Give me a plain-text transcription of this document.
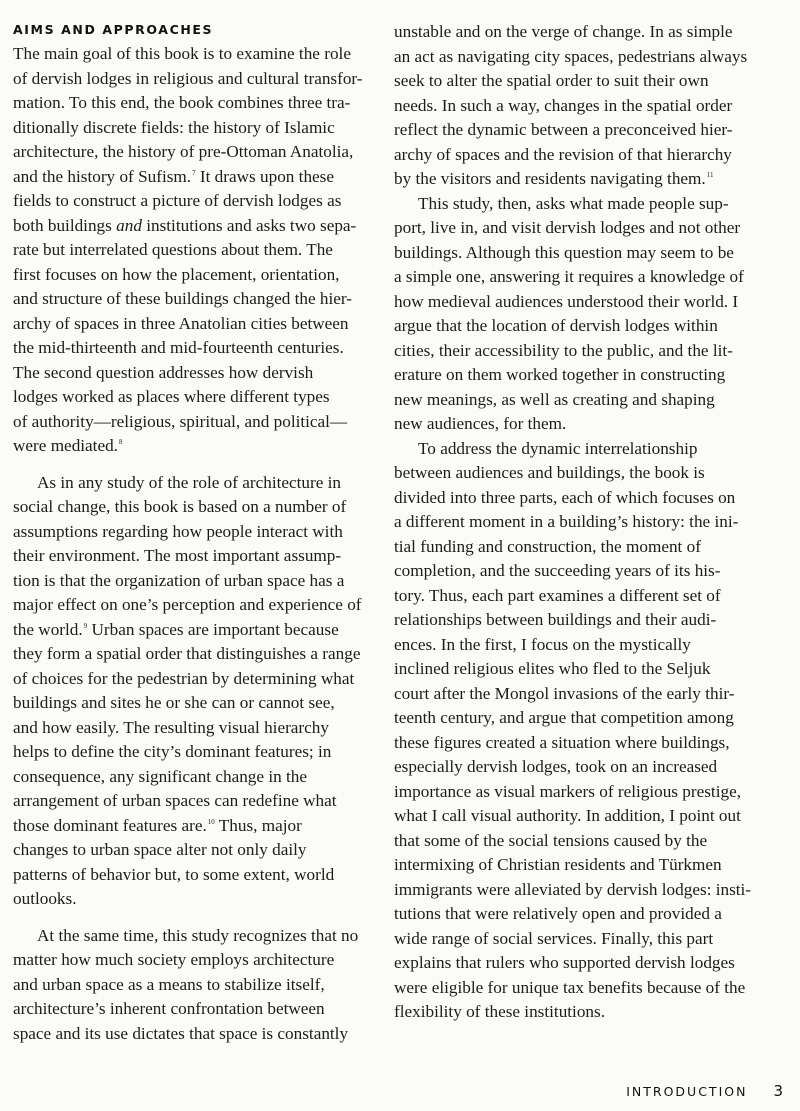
AIMS AND APPROACHES
The main goal of this book is to examine the role
of dervish lodges in religious and cultural transfor-
mation. To this end, the book combines three tra-
ditionally discrete fields: the history of Islamic
architecture, the history of pre-Ottoman Anatolia,
and the history of Sufism.$^7$ It draws upon these
fields to construct a picture of dervish lodges as
both buildings and institutions and asks two sepa-
rate but interrelated questions about them. The
first focuses on how the placement, orientation,
and structure of these buildings changed the hier-
archy of spaces in three Anatolian cities between
the mid-thirteenth and mid-fourteenth centuries.
The second question addresses how dervish
lodges worked as places where different types
of authority—religious, spiritual, and political—
were mediated.$^8$
As in any study of the role of architecture in
social change, this book is based on a number of
assumptions regarding how people interact with
their environment. The most important assump-
tion is that the organization of urban space has a
major effect on one’s perception and experience of
the world.$^9$ Urban spaces are important because
they form a spatial order that distinguishes a range
of choices for the pedestrian by determining what
buildings and sites he or she can or cannot see,
and how easily. The resulting visual hierarchy
helps to define the city’s dominant features; in
consequence, any significant change in the
arrangement of urban spaces can redefine what
those dominant features are.$^{10}$ Thus, major
changes to urban space alter not only daily
patterns of behavior but, to some extent, world
outlooks.
At the same time, this study recognizes that no
matter how much society employs architecture
and urban space as a means to stabilize itself,
architecture’s inherent confrontation between
space and its use dictates that space is constantly
unstable and on the verge of change. In as simple
an act as navigating city spaces, pedestrians always
seek to alter the spatial order to suit their own
needs. In such a way, changes in the spatial order
reflect the dynamic between a preconceived hier-
archy of spaces and the revision of that hierarchy
by the visitors and residents navigating them.$^{11}$
This study, then, asks what made people sup-
port, live in, and visit dervish lodges and not other
buildings. Although this question may seem to be
a simple one, answering it requires a knowledge of
how medieval audiences understood their world. I
argue that the location of dervish lodges within
cities, their accessibility to the public, and the lit-
erature on them worked together in constructing
new meanings, as well as creating and shaping
new audiences, for them.
To address the dynamic interrelationship
between audiences and buildings, the book is
divided into three parts, each of which focuses on
a different moment in a building’s history: the ini-
tial funding and construction, the moment of
completion, and the succeeding years of its his-
tory. Thus, each part examines a different set of
relationships between buildings and their audi-
ences. In the first, I focus on the mystically
inclined religious elites who fled to the Seljuk
court after the Mongol invasions of the early thir-
teenth century, and argue that competition among
these figures created a situation where buildings,
especially dervish lodges, took on an increased
importance as visual markers of religious prestige,
what I call visual authority. In addition, I point out
that some of the social tensions caused by the
intermixing of Christian residents and Türkmen
immigrants were alleviated by dervish lodges: insti-
tutions that were relatively open and provided a
wide range of social services. Finally, this part
explains that rulers who supported dervish lodges
were eligible for unique tax benefits because of the
flexibility of these institutions.
INTRODUCTION 3
